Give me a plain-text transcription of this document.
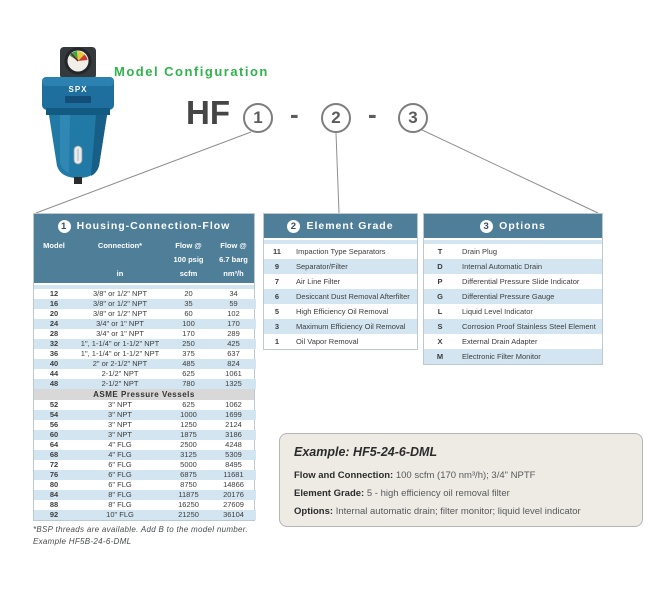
SPX
Model Configuration
HF	1	-	2	-	3
1 Housing-Connection-Flow
Model	Connection*
in
Flow @
100 psig
scfm
Flow @
6.7 barg
nm³/h
12	3/8" or 1/2" NPT	20	34
16	3/8" or 1/2" NPT	35	59
20	3/8" or 1/2" NPT	60	102
24	3/4" or 1" NPT	100	170
28	3/4" or 1" NPT	170	289
32	1", 1-1/4" or 1-1/2" NPT	250	425
36	1", 1-1/4" or 1-1/2" NPT	375	637
40	2" or 2-1/2" NPT	485	824
44	2-1/2" NPT	625	1061
48	2-1/2" NPT	780	1325
ASME Pressure Vessels
52	3" NPT	625	1062
54	3" NPT	1000	1699
56	3" NPT	1250	2124
60	3" NPT	1875	3186
64	4" FLG	2500	4248
68	4" FLG	3125	5309
72	6" FLG	5000	8495
76	6" FLG	6875	11681
80	6" FLG	8750	14866
84	8" FLG	11875	20176
88	8" FLG	16250	27609
92	10" FLG	21250	36104
2 Element Grade
11	Impaction Type Separators
9	Separator/Filter
7	Air Line Filter
6	Desiccant Dust Removal Afterfilter
5	High Efficiency Oil Removal
3	Maximum Efficiency Oil Removal
1	Oil Vapor Removal
3 Options
T	Drain Plug
D	Internal Automatic Drain
P	Differential Pressure Slide Indicator
G	Differential Pressure Gauge
L	Liquid Level Indicator
S	Corrosion Proof Stainless Steel Element
X	External Drain Adapter
M	Electronic Filter Monitor

Example: HF5-24-6-DML

Flow and Connection: 100 scfm (170 nm³/h); 3/4" NPTF

Element Grade: 5 - high efficiency oil removal filter

Options: Internal automatic drain; filter monitor; liquid level indicator

*BSP threads are available. Add B to the model number.
Example HF5B-24-6-DML
